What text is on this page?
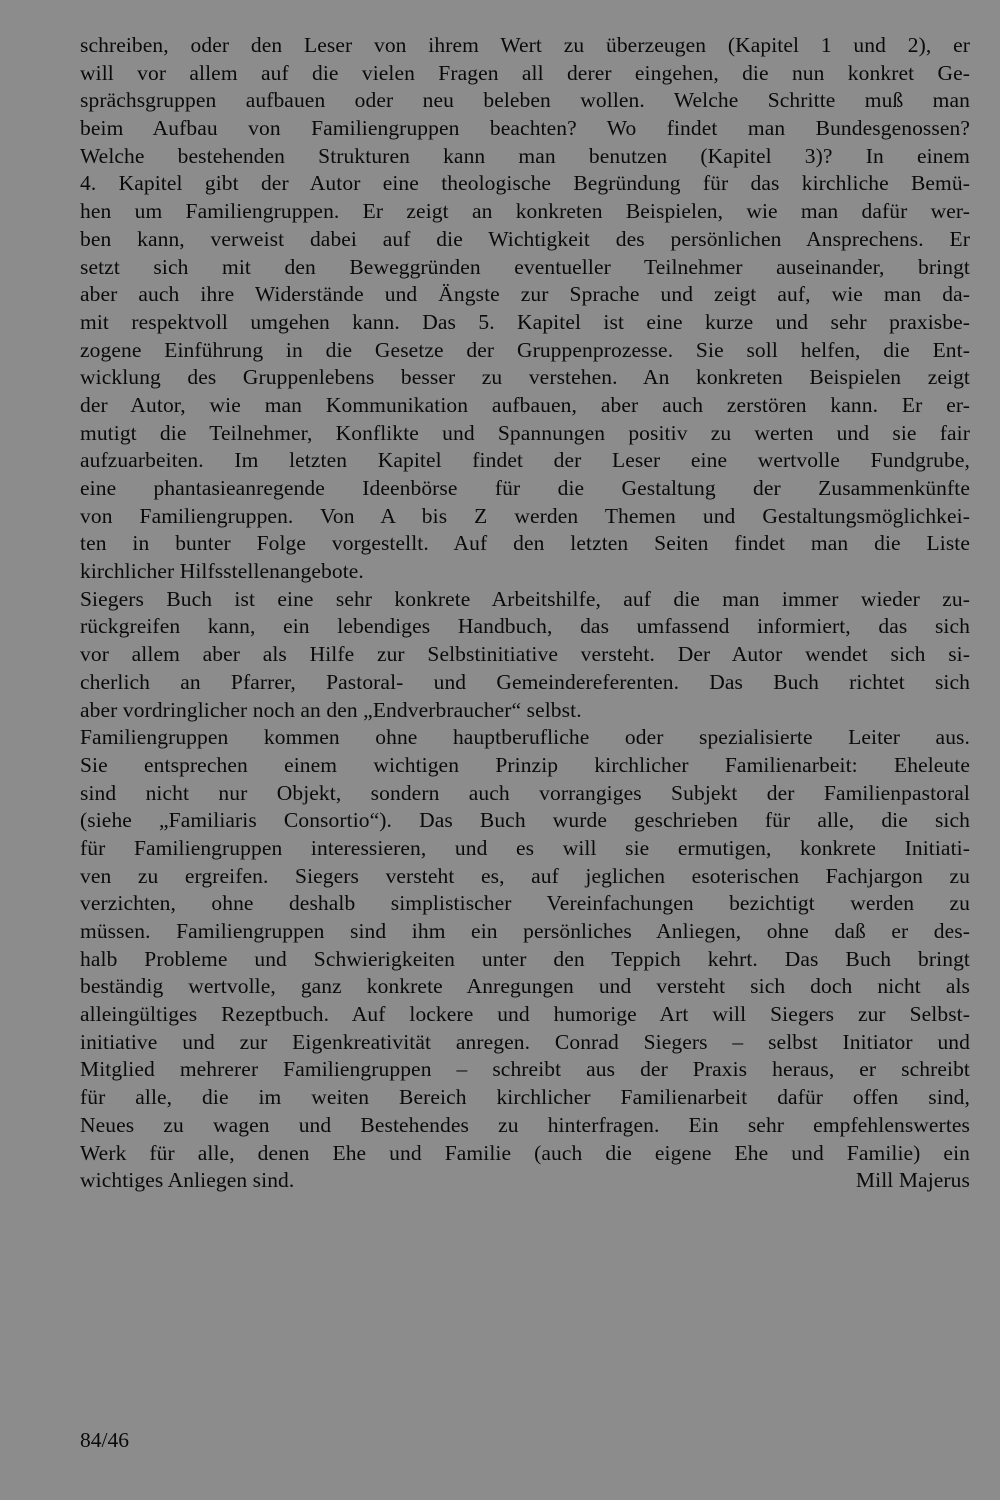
schreiben, oder den Leser von ihrem Wert zu überzeugen (Kapitel 1 und 2), er
will vor allem auf die vielen Fragen all derer eingehen, die nun konkret Ge-
sprächsgruppen aufbauen oder neu beleben wollen. Welche Schritte muß man
beim Aufbau von Familiengruppen beachten? Wo findet man Bundesgenossen?
Welche bestehenden Strukturen kann man benutzen (Kapitel 3)? In einem
4. Kapitel gibt der Autor eine theologische Begründung für das kirchliche Bemü-
hen um Familiengruppen. Er zeigt an konkreten Beispielen, wie man dafür wer-
ben kann, verweist dabei auf die Wichtigkeit des persönlichen Ansprechens. Er
setzt sich mit den Beweggründen eventueller Teilnehmer auseinander, bringt
aber auch ihre Widerstände und Ängste zur Sprache und zeigt auf, wie man da-
mit respektvoll umgehen kann. Das 5. Kapitel ist eine kurze und sehr praxisbe-
zogene Einführung in die Gesetze der Gruppenprozesse. Sie soll helfen, die Ent-
wicklung des Gruppenlebens besser zu verstehen. An konkreten Beispielen zeigt
der Autor, wie man Kommunikation aufbauen, aber auch zerstören kann. Er er-
mutigt die Teilnehmer, Konflikte und Spannungen positiv zu werten und sie fair
aufzuarbeiten. Im letzten Kapitel findet der Leser eine wertvolle Fundgrube,
eine phantasieanregende Ideenbörse für die Gestaltung der Zusammenkünfte
von Familiengruppen. Von A bis Z werden Themen und Gestaltungsmöglichkei-
ten in bunter Folge vorgestellt. Auf den letzten Seiten findet man die Liste
kirchlicher Hilfsstellenangebote.
Siegers Buch ist eine sehr konkrete Arbeitshilfe, auf die man immer wieder zu-
rückgreifen kann, ein lebendiges Handbuch, das umfassend informiert, das sich
vor allem aber als Hilfe zur Selbstinitiative versteht. Der Autor wendet sich si-
cherlich an Pfarrer, Pastoral- und Gemeindereferenten. Das Buch richtet sich
aber vordringlicher noch an den „Endverbraucher“ selbst.
Familiengruppen kommen ohne hauptberufliche oder spezialisierte Leiter aus.
Sie entsprechen einem wichtigen Prinzip kirchlicher Familienarbeit: Eheleute
sind nicht nur Objekt, sondern auch vorrangiges Subjekt der Familienpastoral
(siehe „Familiaris Consortio“). Das Buch wurde geschrieben für alle, die sich
für Familiengruppen interessieren, und es will sie ermutigen, konkrete Initiati-
ven zu ergreifen. Siegers versteht es, auf jeglichen esoterischen Fachjargon zu
verzichten, ohne deshalb simplistischer Vereinfachungen bezichtigt werden zu
müssen. Familiengruppen sind ihm ein persönliches Anliegen, ohne daß er des-
halb Probleme und Schwierigkeiten unter den Teppich kehrt. Das Buch bringt
beständig wertvolle, ganz konkrete Anregungen und versteht sich doch nicht als
alleingültiges Rezeptbuch. Auf lockere und humorige Art will Siegers zur Selbst-
initiative und zur Eigenkreativität anregen. Conrad Siegers – selbst Initiator und
Mitglied mehrerer Familiengruppen – schreibt aus der Praxis heraus, er schreibt
für alle, die im weiten Bereich kirchlicher Familienarbeit dafür offen sind,
Neues zu wagen und Bestehendes zu hinterfragen. Ein sehr empfehlenswertes
Werk für alle, denen Ehe und Familie (auch die eigene Ehe und Familie) ein
wichtiges Anliegen sind.	Mill Majerus
84/46
